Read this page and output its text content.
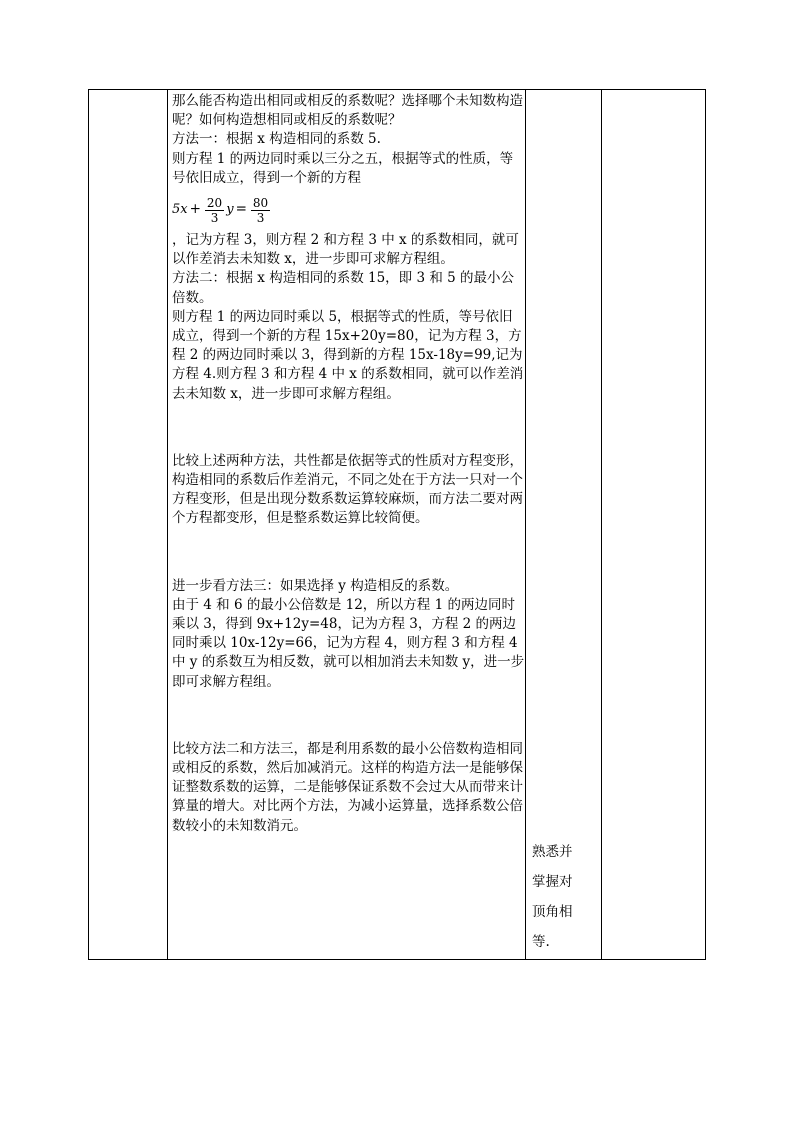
那么能否构造出相同或相反的系数呢？选择哪个未知数构造呢？如何构造想相同或相反的系数呢？

方法一：根据 x 构造相同的系数 5.

则方程 1 的两边同时乘以三分之五，根据等式的性质，等号依旧成立，得到一个新的方程

$5x + \frac{20}{3}$ $y = \frac{80}{3}$

，记为方程 3，则方程 2 和方程 3 中 x 的系数相同，就可以作差消去未知数 x，进一步即可求解方程组。

方法二：根据 x 构造相同的系数 15，即 3 和 5 的最小公倍数。

则方程 1 的两边同时乘以 5，根据等式的性质，等号依旧成立，得到一个新的方程 15x+20y=80，记为方程 3，方程 2 的两边同时乘以 3，得到新的方程 15x-18y=99,记为方程 4.则方程 3 和方程 4 中 x 的系数相同，就可以作差消去未知数 x，进一步即可求解方程组。

比较上述两种方法，共性都是依据等式的性质对方程变形，构造相同的系数后作差消元，不同之处在于方法一只对一个方程变形，但是出现分数系数运算较麻烦，而方法二要对两个方程都变形，但是整系数运算比较简便。

进一步看方法三：如果选择 y 构造相反的系数。

由于 4 和 6 的最小公倍数是 12，所以方程 1 的两边同时乘以 3，得到 9x+12y=48，记为方程 3，方程 2 的两边同时乘以 10x-12y=66，记为方程 4，则方程 3 和方程 4 中 y 的系数互为相反数，就可以相加消去未知数 y，进一步即可求解方程组。

比较方法二和方法三，都是利用系数的最小公倍数构造相同或相反的系数，然后加减消元。这样的构造方法一是能够保证整数系数的运算，二是能够保证系数不会过大从而带来计算量的增大。对比两个方法，为减小运算量，选择系数公倍数较小的未知数消元。

熟悉并

掌握对

顶角相

等.
